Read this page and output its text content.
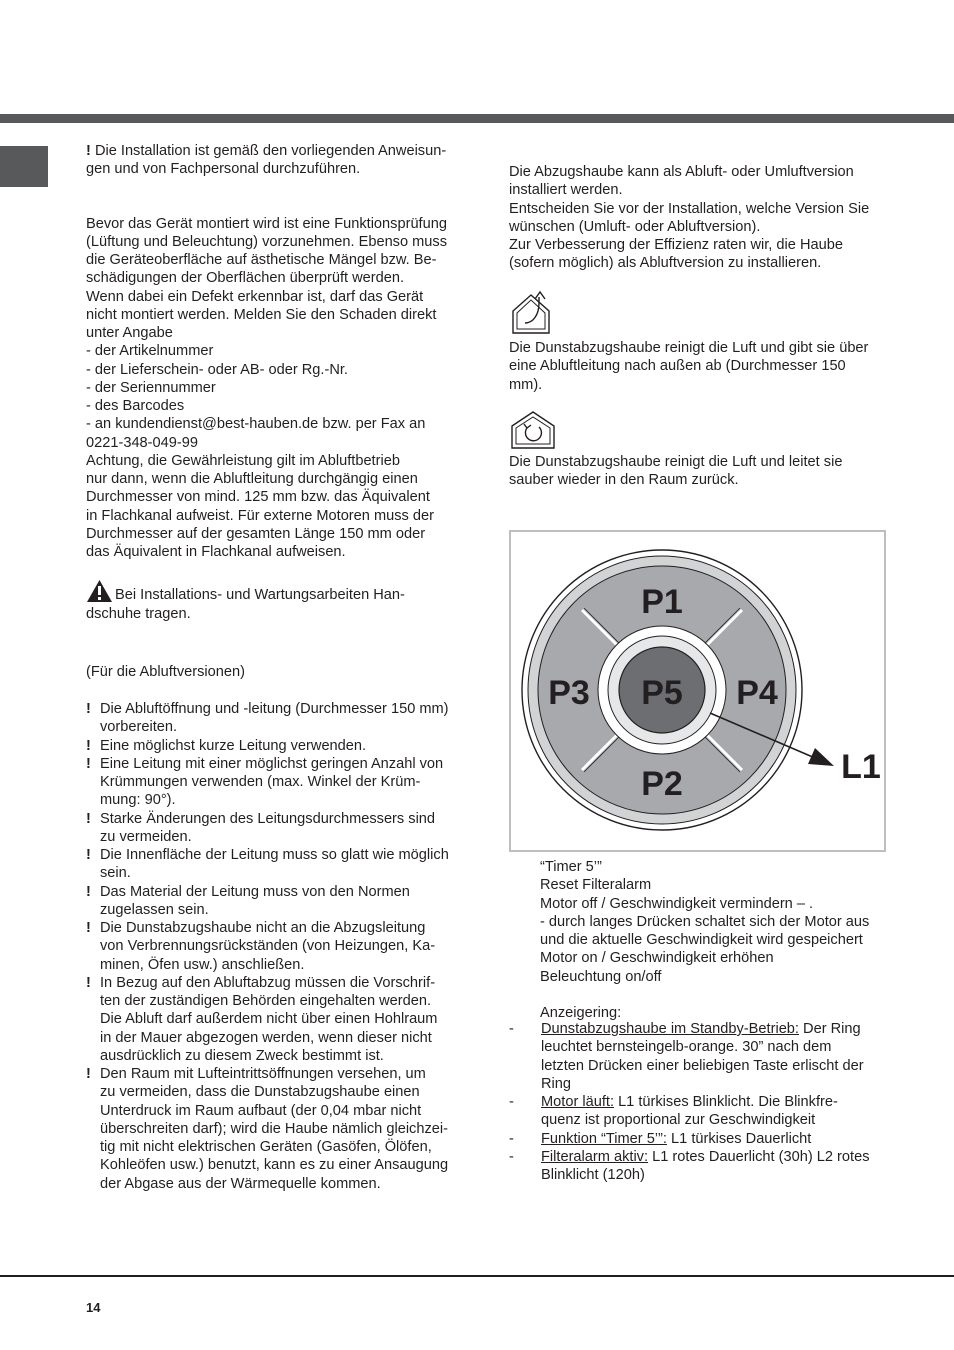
! Die Installation ist gemäß den vorliegenden Anweisun-
gen und von Fachpersonal durchzuführen.

Bevor das Gerät montiert wird ist eine Funktionsprüfung
(Lüftung und Beleuchtung) vorzunehmen. Ebenso muss
die Geräteoberfläche auf ästhetische Mängel bzw. Be-
schädigungen der Oberflächen überprüft werden.
Wenn dabei ein Defekt erkennbar ist, darf das Gerät
nicht montiert werden. Melden Sie den Schaden direkt
unter Angabe
- der Artikelnummer
- der Lieferschein- oder AB- oder Rg.-Nr.
- der Seriennummer
- des Barcodes
- an kundendienst@best-hauben.de bzw. per Fax an
0221-348-049-99
Achtung, die Gewährleistung gilt im Abluftbetrieb
nur dann, wenn die Abluftleitung durchgängig einen
Durchmesser von mind. 125 mm bzw. das Äquivalent
in Flachkanal aufweist. Für externe Motoren muss der
Durchmesser auf der gesamten Länge 150 mm oder
das Äquivalent in Flachkanal aufweisen.

Bei Installations- und Wartungsarbeiten Han-
dschuhe tragen.

(Für die Abluftversionen)

! Die Abluftöffnung und -leitung (Durchmesser 150 mm)
vorbereiten.

! Eine möglichst kurze Leitung verwenden.

! Eine Leitung mit einer möglichst geringen Anzahl von
Krümmungen verwenden (max. Winkel der Krüm-
mung: 90°).

! Starke Änderungen des Leitungsdurchmessers sind
zu vermeiden.

! Die Innenfläche der Leitung muss so glatt wie möglich
sein.

! Das Material der Leitung muss von den Normen
zugelassen sein.

! Die Dunstabzugshaube nicht an die Abzugsleitung
von Verbrennungsrückständen (von Heizungen, Ka-
minen, Öfen usw.) anschließen.

! In Bezug auf den Abluftabzug müssen die Vorschrif-
ten der zuständigen Behörden eingehalten werden.
Die Abluft darf außerdem nicht über einen Hohlraum
in der Mauer abgezogen werden, wenn dieser nicht
ausdrücklich zu diesem Zweck bestimmt ist.

! Den Raum mit Lufteintrittsöffnungen versehen, um
zu vermeiden, dass die Dunstabzugshaube einen
Unterdruck im Raum aufbaut (der 0,04 mbar nicht
überschreiten darf); wird die Haube nämlich gleichzei-
tig mit nicht elektrischen Geräten (Gasöfen, Ölöfen,
Kohleöfen usw.) benutzt, kann es zu einer Ansaugung
der Abgase aus der Wärmequelle kommen.

Die Abzugshaube kann als Abluft- oder Umluftversion
installiert werden.
Entscheiden Sie vor der Installation, welche Version Sie
wünschen (Umluft- oder Abluftversion).
Zur Verbesserung der Effizienz raten wir, die Haube
(sofern möglich) als Abluftversion zu installieren.

Die Dunstabzugshaube reinigt die Luft und gibt sie über
eine Abluftleitung nach außen ab (Durchmesser 150
mm).

Die Dunstabzugshaube reinigt die Luft und leitet sie
sauber wieder in den Raum zurück.

P1
P2
P3	P4
P5
L1

“Timer 5’”
Reset Filteralarm
Motor off / Geschwindigkeit vermindern – .
- durch langes Drücken schaltet sich der Motor aus
und die aktuelle Geschwindigkeit wird gespeichert
Motor on / Geschwindigkeit erhöhen
Beleuchtung on/off

Anzeigering:

- Dunstabzugshaube im Standby-Betrieb: Der Ring
leuchtet bernsteingelb-orange. 30” nach dem
letzten Drücken einer beliebigen Taste erlischt der
Ring

- Motor läuft: L1 türkises Blinklicht. Die Blinkfre-
quenz ist proportional zur Geschwindigkeit

- Funktion “Timer 5’”: L1 türkises Dauerlicht

- Filteralarm aktiv: L1 rotes Dauerlicht (30h) L2 rotes
Blinklicht (120h)

14
